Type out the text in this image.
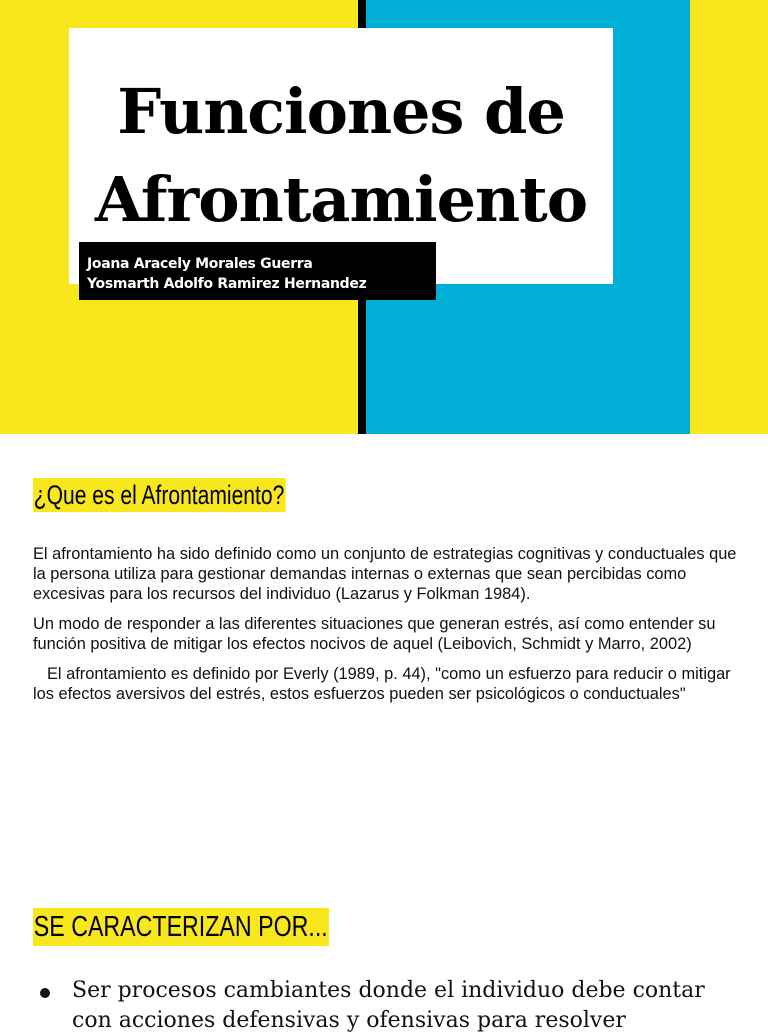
Funciones de
Afrontamiento
Joana Aracely Morales Guerra
Yosmarth Adolfo Ramirez Hernandez
¿Que es el Afrontamiento?

El afrontamiento ha sido definido como un conjunto de estrategias cognitivas y conductuales que la persona utiliza para gestionar demandas internas o externas que sean percibidas como excesivas para los recursos del individuo (Lazarus y Folkman 1984).

Un modo de responder a las diferentes situaciones que generan estrés, así como entender su función positiva de mitigar los efectos nocivos de aquel (Leibovich, Schmidt y Marro, 2002)

El afrontamiento es definido por Everly (1989, p. 44), "como un esfuerzo para reducir o mitigar los efectos aversivos del estrés, estos esfuerzos pueden ser psicológicos o conductuales"

SE CARACTERIZAN POR...
Ser procesos cambiantes donde el individuo debe contar con acciones defensivas y ofensivas para resolver
